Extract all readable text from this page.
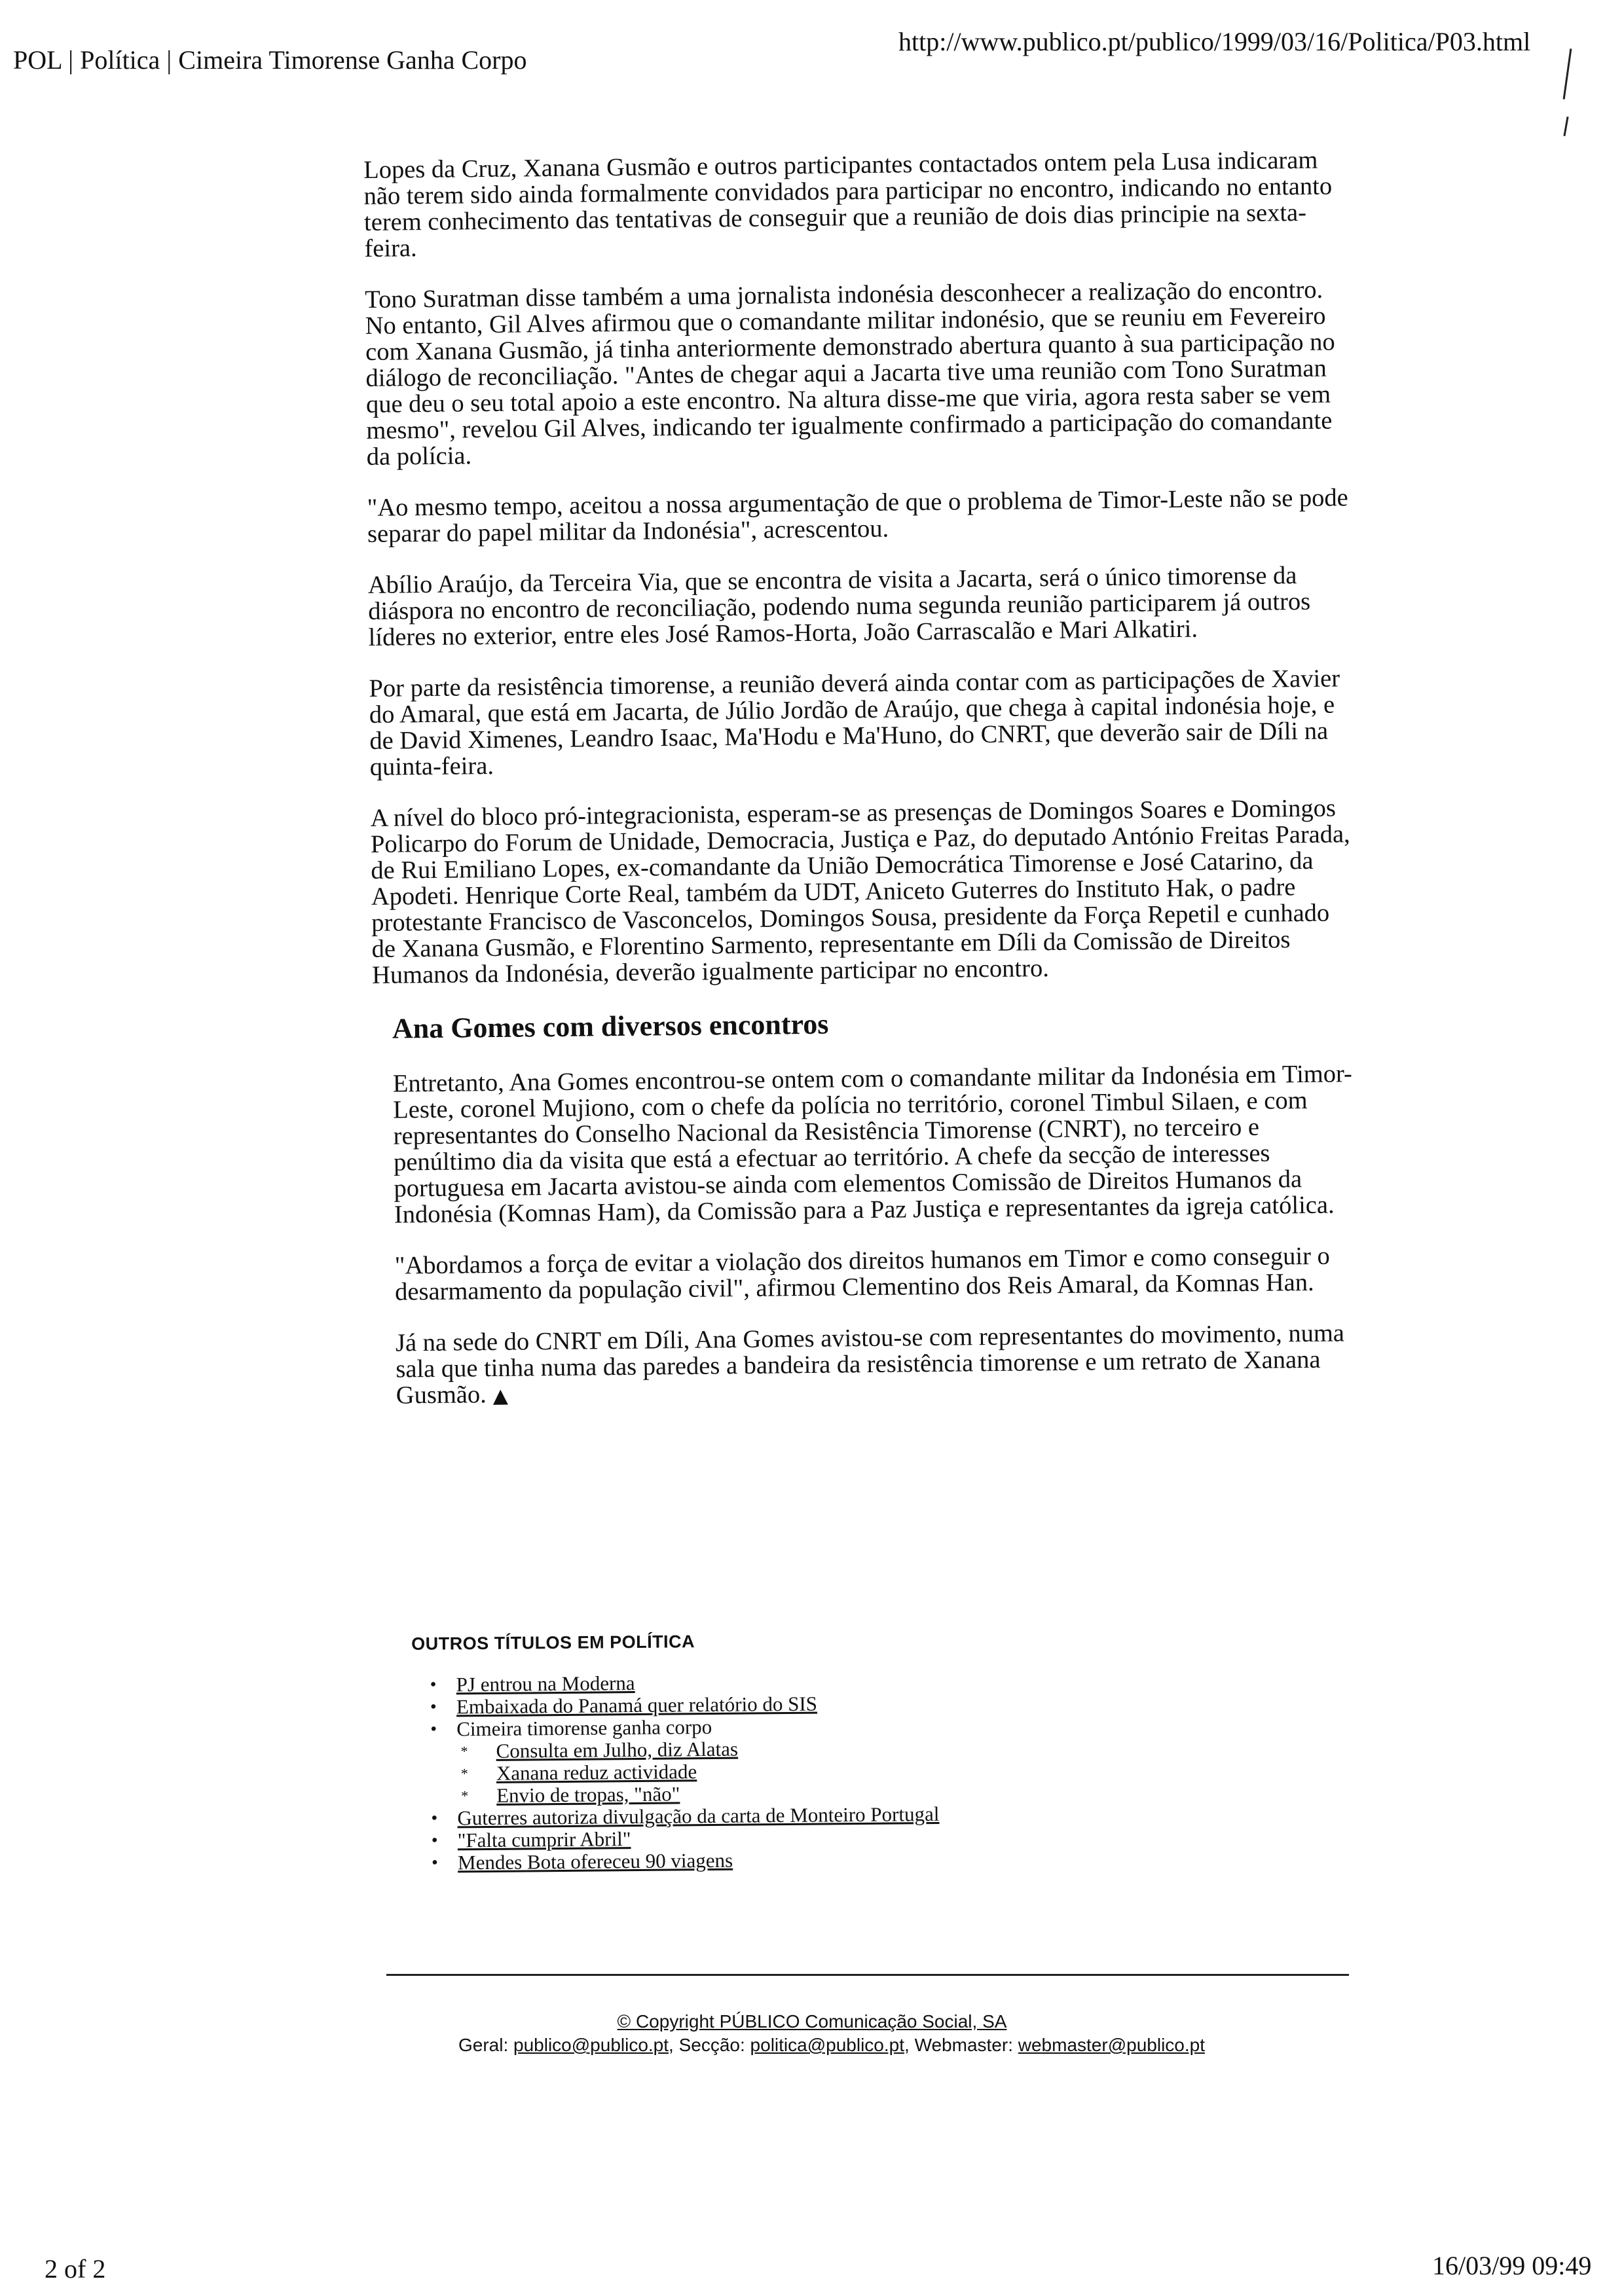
POL | Política | Cimeira Timorense Ganha Corpo
http://www.publico.pt/publico/1999/03/16/Politica/P03.html

Lopes da Cruz, Xanana Gusmão e outros participantes contactados ontem pela Lusa indicaram não terem sido ainda formalmente convidados para participar no encontro, indicando no entanto terem conhecimento das tentativas de conseguir que a reunião de dois dias principie na sexta-feira.

Tono Suratman disse também a uma jornalista indonésia desconhecer a realização do encontro. No entanto, Gil Alves afirmou que o comandante militar indonésio, que se reuniu em Fevereiro com Xanana Gusmão, já tinha anteriormente demonstrado abertura quanto à sua participação no diálogo de reconciliação. "Antes de chegar aqui a Jacarta tive uma reunião com Tono Suratman que deu o seu total apoio a este encontro. Na altura disse-me que viria, agora resta saber se vem mesmo", revelou Gil Alves, indicando ter igualmente confirmado a participação do comandante da polícia.

"Ao mesmo tempo, aceitou a nossa argumentação de que o problema de Timor-Leste não se pode separar do papel militar da Indonésia", acrescentou.

Abílio Araújo, da Terceira Via, que se encontra de visita a Jacarta, será o único timorense da diáspora no encontro de reconciliação, podendo numa segunda reunião participarem já outros líderes no exterior, entre eles José Ramos-Horta, João Carrascalão e Mari Alkatiri.

Por parte da resistência timorense, a reunião deverá ainda contar com as participações de Xavier do Amaral, que está em Jacarta, de Júlio Jordão de Araújo, que chega à capital indonésia hoje, e de David Ximenes, Leandro Isaac, Ma'Hodu e Ma'Huno, do CNRT, que deverão sair de Díli na quinta-feira.

A nível do bloco pró-integracionista, esperam-se as presenças de Domingos Soares e Domingos Policarpo do Forum de Unidade, Democracia, Justiça e Paz, do deputado António Freitas Parada, de Rui Emiliano Lopes, ex-comandante da União Democrática Timorense e José Catarino, da Apodeti. Henrique Corte Real, também da UDT, Aniceto Guterres do Instituto Hak, o padre protestante Francisco de Vasconcelos, Domingos Sousa, presidente da Força Repetil e cunhado de Xanana Gusmão, e Florentino Sarmento, representante em Díli da Comissão de Direitos Humanos da Indonésia, deverão igualmente participar no encontro.

Ana Gomes com diversos encontros

Entretanto, Ana Gomes encontrou-se ontem com o comandante militar da Indonésia em Timor-Leste, coronel Mujiono, com o chefe da polícia no território, coronel Timbul Silaen, e com representantes do Conselho Nacional da Resistência Timorense (CNRT), no terceiro e penúltimo dia da visita que está a efectuar ao território. A chefe da secção de interesses portuguesa em Jacarta avistou-se ainda com elementos Comissão de Direitos Humanos da Indonésia (Komnas Ham), da Comissão para a Paz Justiça e representantes da igreja católica.

"Abordamos a força de evitar a violação dos direitos humanos em Timor e como conseguir o desarmamento da população civil", afirmou Clementino dos Reis Amaral, da Komnas Han.

Já na sede do CNRT em Díli, Ana Gomes avistou-se com representantes do movimento, numa sala que tinha numa das paredes a bandeira da resistência timorense e um retrato de Xanana Gusmão. ▲

OUTROS TÍTULOS EM POLÍTICA
• PJ entrou na Moderna
• Embaixada do Panamá quer relatório do SIS
• Cimeira timorense ganha corpo
* Consulta em Julho, diz Alatas
* Xanana reduz actividade
* Envio de tropas, "não"
• Guterres autoriza divulgação da carta de Monteiro Portugal
• "Falta cumprir Abril"
• Mendes Bota ofereceu 90 viagens
© Copyright PÚBLICO Comunicação Social, SA
Geral: publico@publico.pt, Secção: politica@publico.pt, Webmaster: webmaster@publico.pt
2 of 2	16/03/99 09:49
